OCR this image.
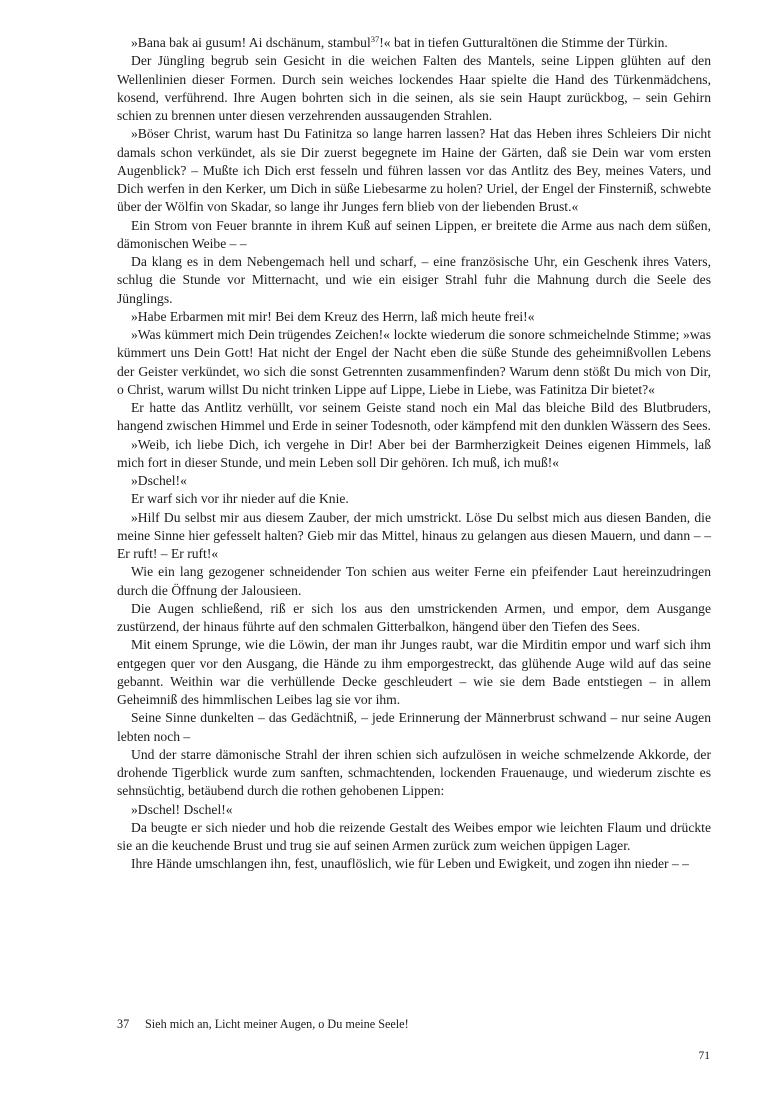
»Bana bak ai gusum! Ai dschänum, stambul$^{37}$!« bat in tiefen Gutturaltönen die Stimme der Türkin.

Der Jüngling begrub sein Gesicht in die weichen Falten des Mantels, seine Lippen glühten auf den Wellenlinien dieser Formen. Durch sein weiches lockendes Haar spielte die Hand des Türkenmädchens, kosend, verführend. Ihre Augen bohrten sich in die seinen, als sie sein Haupt zurückbog, – sein Gehirn schien zu brennen unter diesen verzehrenden aussaugenden Strahlen.

»Böser Christ, warum hast Du Fatinitza so lange harren lassen? Hat das Heben ihres Schleiers Dir nicht damals schon verkündet, als sie Dir zuerst begegnete im Haine der Gärten, daß sie Dein war vom ersten Augenblick? – Mußte ich Dich erst fesseln und führen lassen vor das Antlitz des Bey, meines Vaters, und Dich werfen in den Kerker, um Dich in süße Liebesarme zu holen? Uriel, der Engel der Finsterniß, schwebte über der Wölfin von Skadar, so lange ihr Junges fern blieb von der liebenden Brust.«

Ein Strom von Feuer brannte in ihrem Kuß auf seinen Lippen, er breitete die Arme aus nach dem süßen, dämonischen Weibe – –

Da klang es in dem Nebengemach hell und scharf, – eine französische Uhr, ein Geschenk ihres Vaters, schlug die Stunde vor Mitternacht, und wie ein eisiger Strahl fuhr die Mahnung durch die Seele des Jünglings.

»Habe Erbarmen mit mir! Bei dem Kreuz des Herrn, laß mich heute frei!«

»Was kümmert mich Dein trügendes Zeichen!« lockte wiederum die sonore schmeichelnde Stimme; »was kümmert uns Dein Gott! Hat nicht der Engel der Nacht eben die süße Stunde des geheimnißvollen Lebens der Geister verkündet, wo sich die sonst Getrennten zusammenfinden? Warum denn stößt Du mich von Dir, o Christ, warum willst Du nicht trinken Lippe auf Lippe, Liebe in Liebe, was Fatinitza Dir bietet?«

Er hatte das Antlitz verhüllt, vor seinem Geiste stand noch ein Mal das bleiche Bild des Blutbruders, hangend zwischen Himmel und Erde in seiner Todesnoth, oder kämpfend mit den dunklen Wässern des Sees.

»Weib, ich liebe Dich, ich vergehe in Dir! Aber bei der Barmherzigkeit Deines eigenen Himmels, laß mich fort in dieser Stunde, und mein Leben soll Dir gehören. Ich muß, ich muß!«

»Dschel!«

Er warf sich vor ihr nieder auf die Knie.

»Hilf Du selbst mir aus diesem Zauber, der mich umstrickt. Löse Du selbst mich aus diesen Banden, die meine Sinne hier gefesselt halten? Gieb mir das Mittel, hinaus zu gelangen aus diesen Mauern, und dann – – Er ruft! – Er ruft!«

Wie ein lang gezogener schneidender Ton schien aus weiter Ferne ein pfeifender Laut hereinzudringen durch die Öffnung der Jalousieen.

Die Augen schließend, riß er sich los aus den umstrickenden Armen, und empor, dem Ausgange zustürzend, der hinaus führte auf den schmalen Gitterbalkon, hängend über den Tiefen des Sees.

Mit einem Sprunge, wie die Löwin, der man ihr Junges raubt, war die Mirditin empor und warf sich ihm entgegen quer vor den Ausgang, die Hände zu ihm emporgestreckt, das glühende Auge wild auf das seine gebannt. Weithin war die verhüllende Decke geschleudert – wie sie dem Bade entstiegen – in allem Geheimniß des himmlischen Leibes lag sie vor ihm.

Seine Sinne dunkelten – das Gedächtniß, – jede Erinnerung der Männerbrust schwand – nur seine Augen lebten noch –

Und der starre dämonische Strahl der ihren schien sich aufzulösen in weiche schmelzende Akkorde, der drohende Tigerblick wurde zum sanften, schmachtenden, lockenden Frauenauge, und wiederum zischte es sehnsüchtig, betäubend durch die rothen gehobenen Lippen:

»Dschel! Dschel!«

Da beugte er sich nieder und hob die reizende Gestalt des Weibes empor wie leichten Flaum und drückte sie an die keuchende Brust und trug sie auf seinen Armen zurück zum weichen üppigen Lager.

Ihre Hände umschlangen ihn, fest, unauflöslich, wie für Leben und Ewigkeit, und zogen ihn nieder – –

37 Sieh mich an, Licht meiner Augen, o Du meine Seele!
71
